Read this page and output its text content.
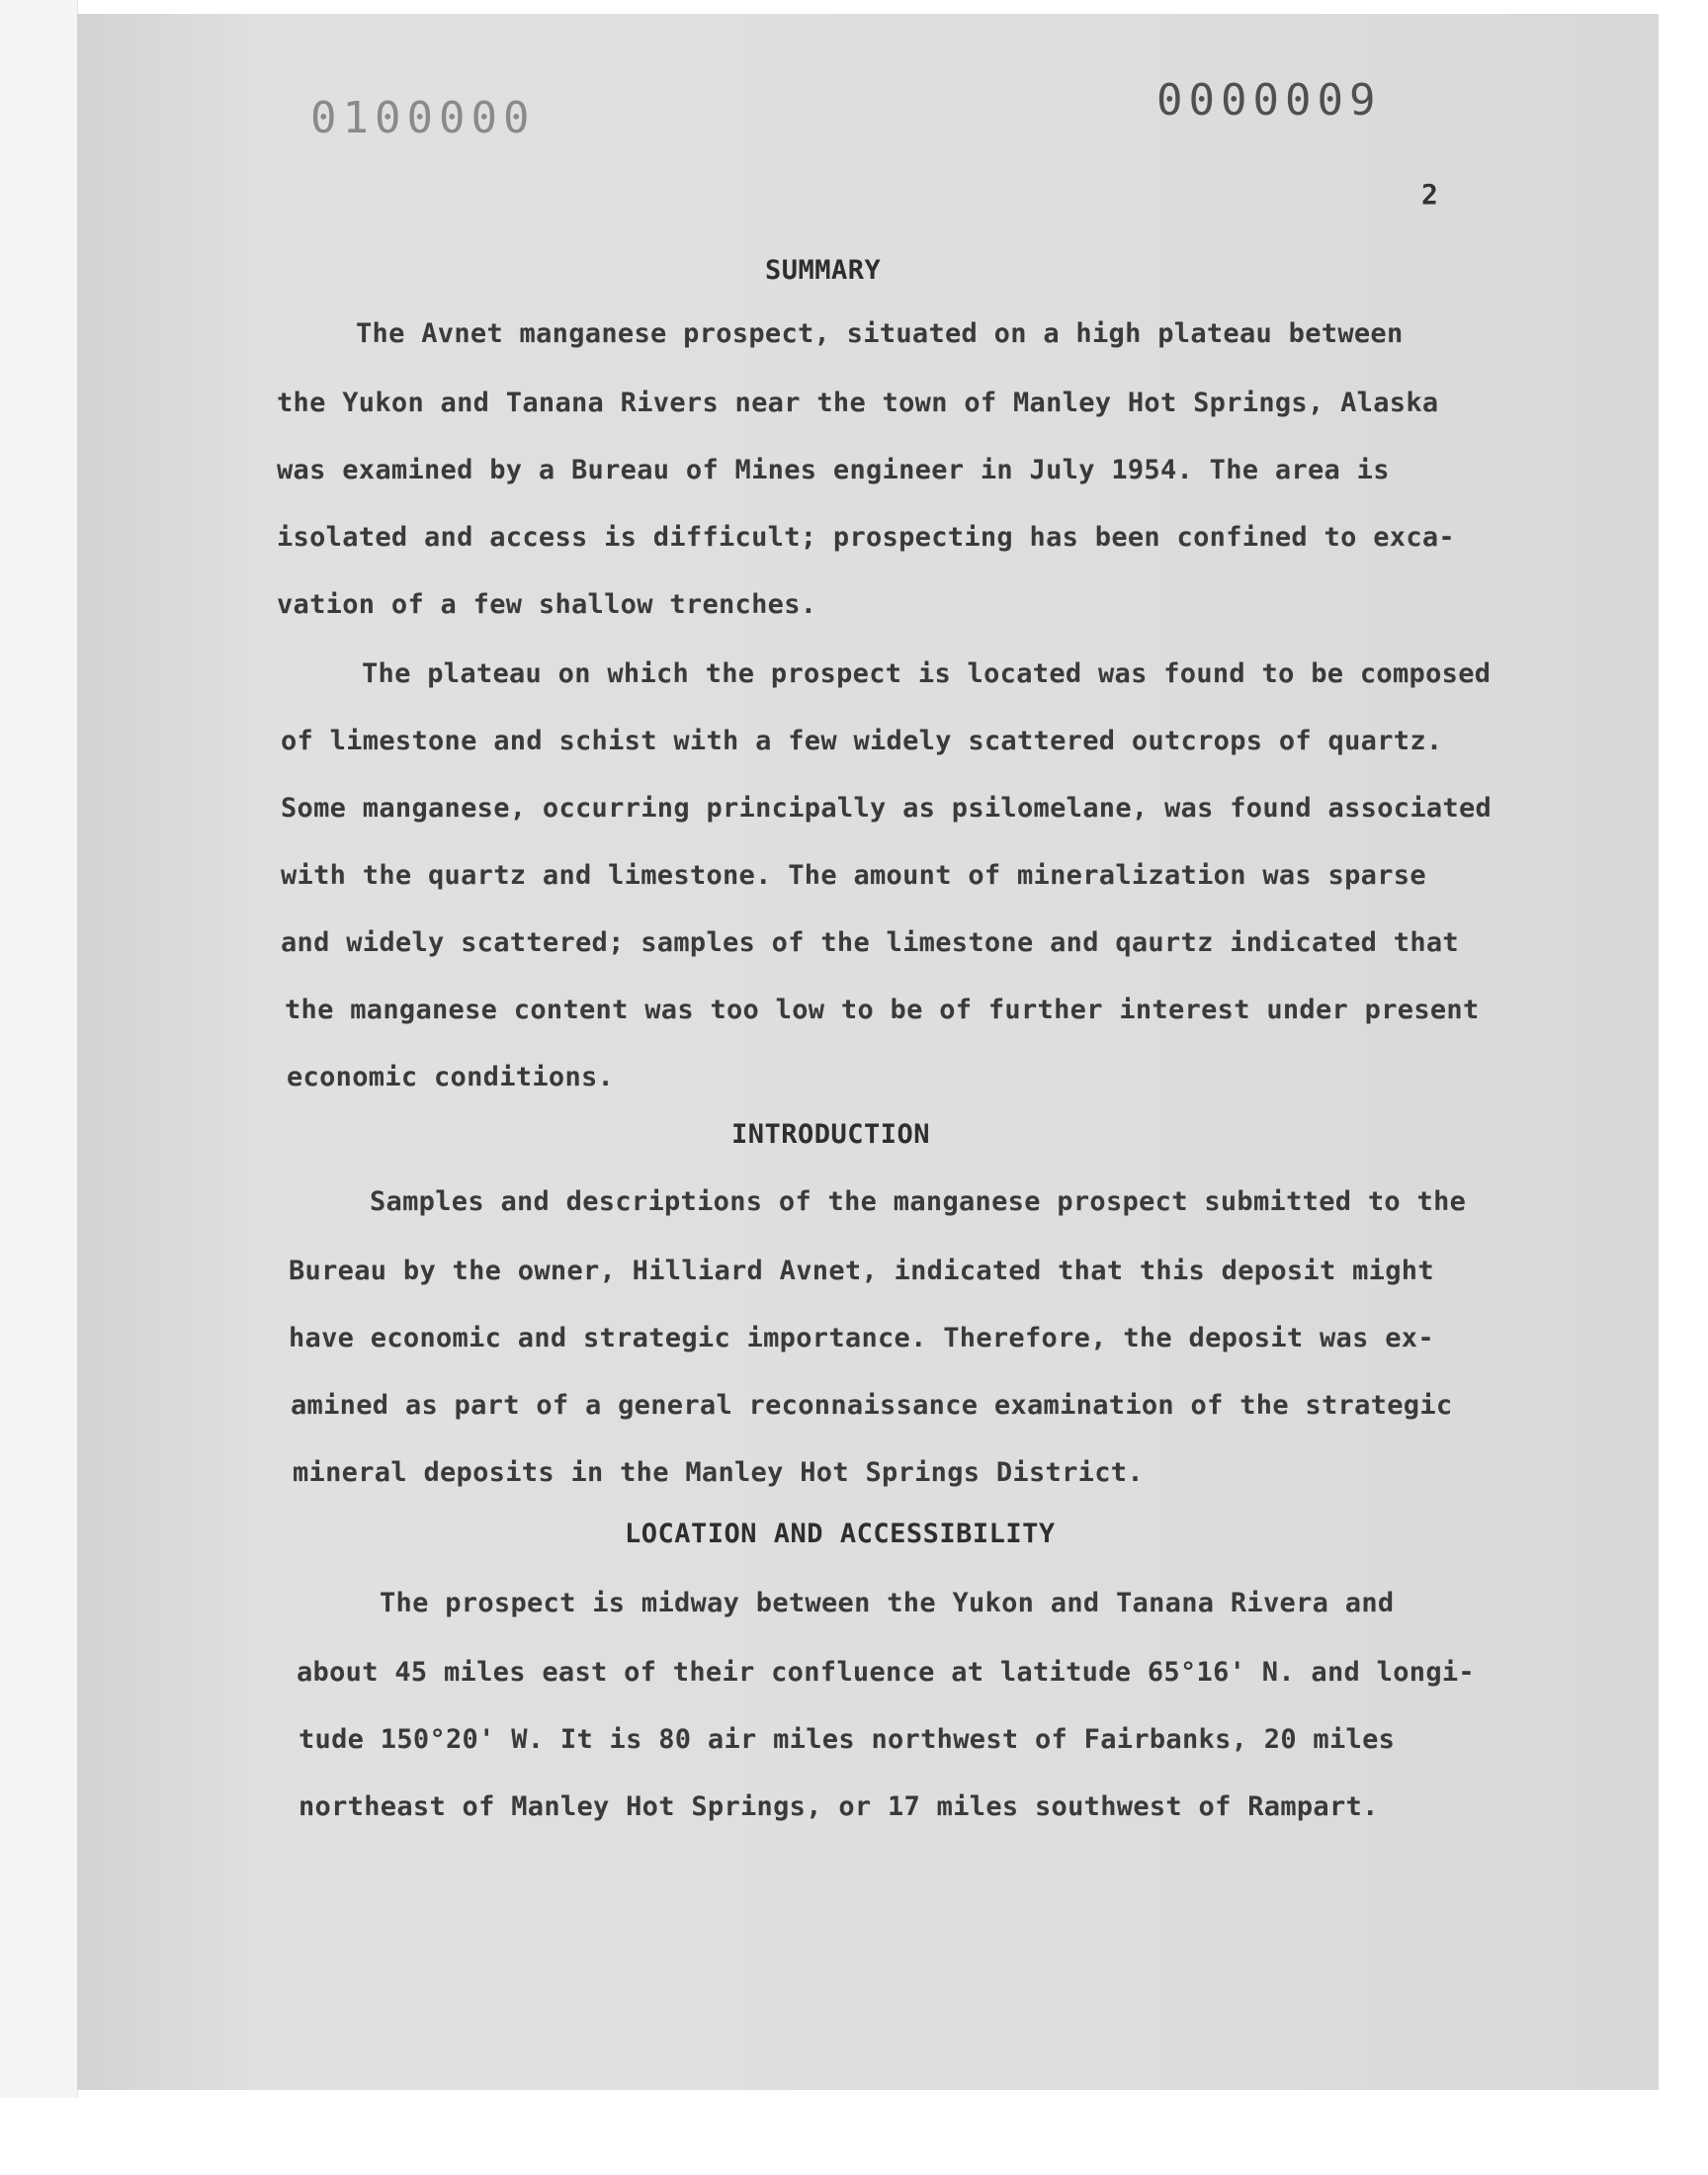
0100000	0000009
2
SUMMARY
The Avnet manganese prospect, situated on a high plateau between
the Yukon and Tanana Rivers near the town of Manley Hot Springs, Alaska
was examined by a Bureau of Mines engineer in July 1954. The area is
isolated and access is difficult; prospecting has been confined to exca-
vation of a few shallow trenches.
The plateau on which the prospect is located was found to be composed
of limestone and schist with a few widely scattered outcrops of quartz.
Some manganese, occurring principally as psilomelane, was found associated
with the quartz and limestone. The amount of mineralization was sparse
and widely scattered; samples of the limestone and qaurtz indicated that
the manganese content was too low to be of further interest under present
economic conditions.
INTRODUCTION
Samples and descriptions of the manganese prospect submitted to the
Bureau by the owner, Hilliard Avnet, indicated that this deposit might
have economic and strategic importance. Therefore, the deposit was ex-
amined as part of a general reconnaissance examination of the strategic
mineral deposits in the Manley Hot Springs District.
LOCATION AND ACCESSIBILITY
The prospect is midway between the Yukon and Tanana Rivera and
about 45 miles east of their confluence at latitude 65°16' N. and longi-
tude 150°20' W. It is 80 air miles northwest of Fairbanks, 20 miles
northeast of Manley Hot Springs, or 17 miles southwest of Rampart.
